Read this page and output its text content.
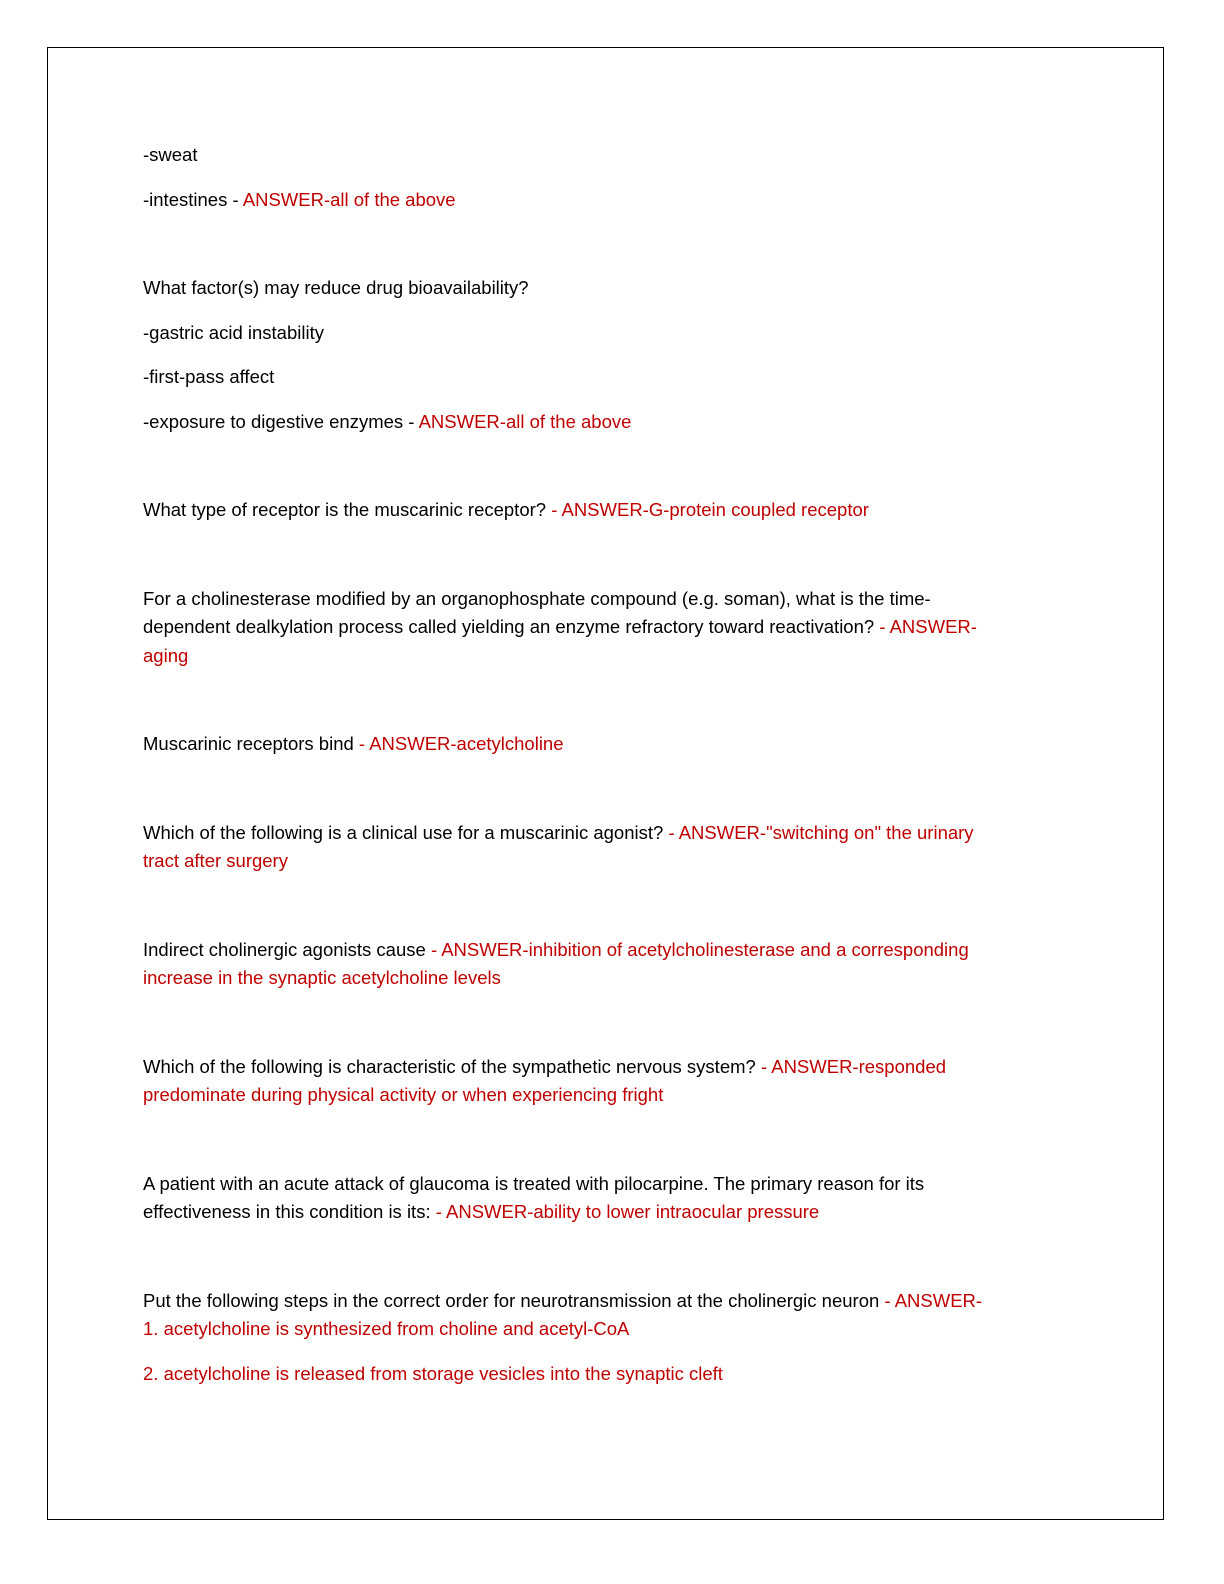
-sweat

-intestines - ANSWER-all of the above

What factor(s) may reduce drug bioavailability?

-gastric acid instability

-first-pass affect

-exposure to digestive enzymes - ANSWER-all of the above

What type of receptor is the muscarinic receptor? - ANSWER-G-protein coupled receptor

For a cholinesterase modified by an organophosphate compound (e.g. soman), what is the time-

dependent dealkylation process called yielding an enzyme refractory toward reactivation? - ANSWER-

aging

Muscarinic receptors bind - ANSWER-acetylcholine

Which of the following is a clinical use for a muscarinic agonist? - ANSWER-"switching on" the urinary

tract after surgery

Indirect cholinergic agonists cause - ANSWER-inhibition of acetylcholinesterase and a corresponding

increase in the synaptic acetylcholine levels

Which of the following is characteristic of the sympathetic nervous system? - ANSWER-responded

predominate during physical activity or when experiencing fright

A patient with an acute attack of glaucoma is treated with pilocarpine. The primary reason for its

effectiveness in this condition is its: - ANSWER-ability to lower intraocular pressure

Put the following steps in the correct order for neurotransmission at the cholinergic neuron - ANSWER-

1. acetylcholine is synthesized from choline and acetyl-CoA

2. acetylcholine is released from storage vesicles into the synaptic cleft
